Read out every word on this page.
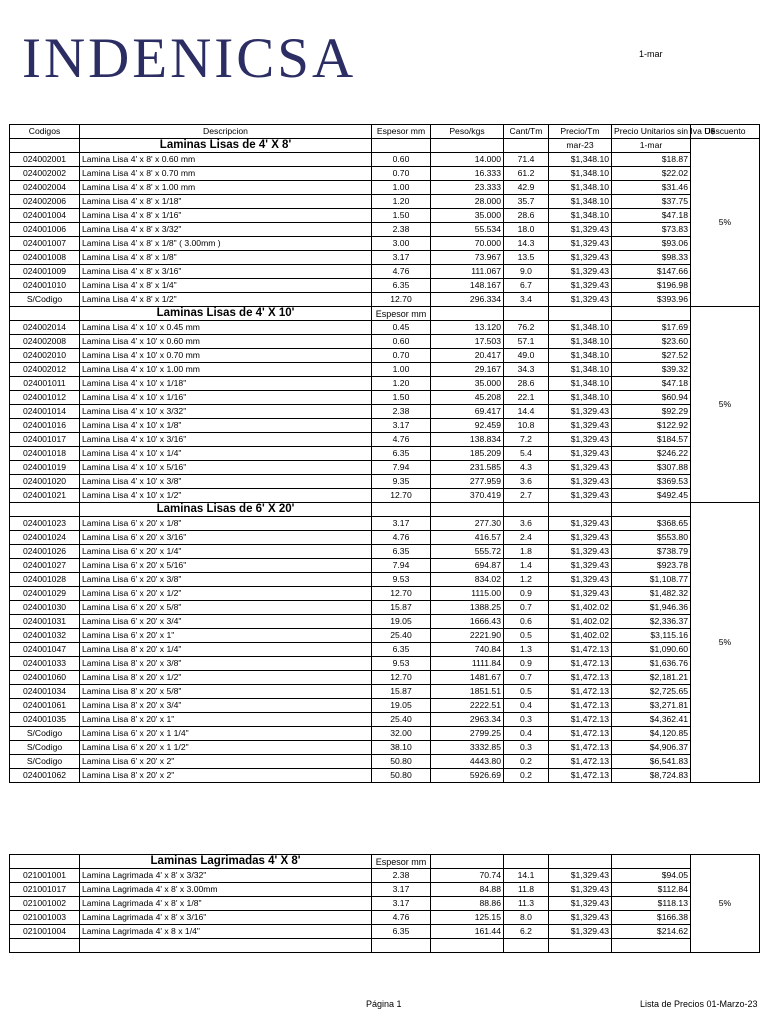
INDENICSA	1-mar
Codigos	Descripcion	Espesor mm	Peso/kgs	Cant/Tm	Precio/Tm	Precio Unitarios sin Iva U$	Descuento
	Laminas Lisas de 4' X 8'				mar-23	1-mar	5%
024002001	Lamina Lisa 4' x 8' x 0.60 mm	0.60	14.000	71.4	$1,348.10	$18.87	
024002002	Lamina Lisa 4' x 8' x 0.70 mm	0.70	16.333	61.2	$1,348.10	$22.02	
024002004	Lamina Lisa 4' x 8' x 1.00 mm	1.00	23.333	42.9	$1,348.10	$31.46	
024002006	Lamina Lisa 4' x 8' x 1/18"	1.20	28.000	35.7	$1,348.10	$37.75	
024001004	Lamina Lisa 4' x 8' x 1/16"	1.50	35.000	28.6	$1,348.10	$47.18	
024001006	Lamina Lisa 4' x 8' x 3/32"	2.38	55.534	18.0	$1,329.43	$73.83	
024001007	Lamina Lisa 4' x 8' x 1/8" ( 3.00mm )	3.00	70.000	14.3	$1,329.43	$93.06	
024001008	Lamina Lisa 4' x 8' x 1/8"	3.17	73.967	13.5	$1,329.43	$98.33	
024001009	Lamina Lisa 4' x 8' x 3/16"	4.76	111.067	9.0	$1,329.43	$147.66	
024001010	Lamina Lisa 4' x 8' x 1/4"	6.35	148.167	6.7	$1,329.43	$196.98	
S/Codigo	Lamina Lisa 4' x 8' x 1/2"	12.70	296.334	3.4	$1,329.43	$393.96	
	Laminas Lisas de 4' X 10'	Espesor mm					5%
024002014	Lamina Lisa 4' x 10' x 0.45 mm	0.45	13.120	76.2	$1,348.10	$17.69	
024002008	Lamina Lisa 4' x 10' x 0.60 mm	0.60	17.503	57.1	$1,348.10	$23.60	
024002010	Lamina Lisa 4' x 10' x 0.70 mm	0.70	20.417	49.0	$1,348.10	$27.52	
024002012	Lamina Lisa 4' x 10' x 1.00 mm	1.00	29.167	34.3	$1,348.10	$39.32	
024001011	Lamina Lisa 4' x 10' x 1/18"	1.20	35.000	28.6	$1,348.10	$47.18	
024001012	Lamina Lisa 4' x 10' x 1/16"	1.50	45.208	22.1	$1,348.10	$60.94	
024001014	Lamina Lisa 4' x 10' x 3/32"	2.38	69.417	14.4	$1,329.43	$92.29	
024001016	Lamina Lisa 4' x 10' x 1/8"	3.17	92.459	10.8	$1,329.43	$122.92	
024001017	Lamina Lisa 4' x 10' x 3/16"	4.76	138.834	7.2	$1,329.43	$184.57	
024001018	Lamina Lisa 4' x 10' x 1/4"	6.35	185.209	5.4	$1,329.43	$246.22	
024001019	Lamina Lisa 4' x 10' x 5/16"	7.94	231.585	4.3	$1,329.43	$307.88	
024001020	Lamina Lisa 4' x 10' x 3/8"	9.35	277.959	3.6	$1,329.43	$369.53	
024001021	Lamina Lisa 4' x 10' x 1/2"	12.70	370.419	2.7	$1,329.43	$492.45	
	Laminas Lisas de 6' X 20'						5%
024001023	Lamina Lisa 6' x 20' x 1/8"	3.17	277.30	3.6	$1,329.43	$368.65	
024001024	Lamina Lisa 6' x 20' x 3/16"	4.76	416.57	2.4	$1,329.43	$553.80	
024001026	Lamina Lisa 6' x 20' x 1/4"	6.35	555.72	1.8	$1,329.43	$738.79	
024001027	Lamina Lisa 6' x 20' x 5/16"	7.94	694.87	1.4	$1,329.43	$923.78	
024001028	Lamina Lisa 6' x 20' x 3/8"	9.53	834.02	1.2	$1,329.43	$1,108.77	
024001029	Lamina Lisa 6' x 20' x 1/2"	12.70	1115.00	0.9	$1,329.43	$1,482.32	
024001030	Lamina Lisa 6' x 20' x 5/8"	15.87	1388.25	0.7	$1,402.02	$1,946.36	
024001031	Lamina Lisa 6' x 20' x 3/4"	19.05	1666.43	0.6	$1,402.02	$2,336.37	
024001032	Lamina Lisa 6' x 20' x 1"	25.40	2221.90	0.5	$1,402.02	$3,115.16	
024001047	Lamina Lisa 8' x 20' x 1/4"	6.35	740.84	1.3	$1,472.13	$1,090.60	
024001033	Lamina Lisa 8' x 20' x 3/8"	9.53	1111.84	0.9	$1,472.13	$1,636.76	
024001060	Lamina Lisa 8' x 20' x 1/2"	12.70	1481.67	0.7	$1,472.13	$2,181.21	
024001034	Lamina Lisa 8' x 20' x 5/8"	15.87	1851.51	0.5	$1,472.13	$2,725.65	
024001061	Lamina Lisa 8' x 20' x 3/4"	19.05	2222.51	0.4	$1,472.13	$3,271.81	
024001035	Lamina Lisa 8' x 20' x 1"	25.40	2963.34	0.3	$1,472.13	$4,362.41	
S/Codigo	Lamina Lisa 6' x 20' x 1 1/4"	32.00	2799.25	0.4	$1,472.13	$4,120.85	
S/Codigo	Lamina Lisa 6' x 20' x 1 1/2"	38.10	3332.85	0.3	$1,472.13	$4,906.37	
S/Codigo	Lamina Lisa 6' x 20' x 2"	50.80	4443.80	0.2	$1,472.13	$6,541.83	
024001062	Lamina Lisa 8' x 20' x 2"	50.80	5926.69	0.2	$1,472.13	$8,724.83	
	Laminas Lagrimadas 4' X 8'	Espesor mm					5%
021001001	Lamina Lagrimada 4' x 8' x 3/32"	2.38	70.74	14.1	$1,329.43	$94.05	
021001017	Lamina Lagrimada 4' x 8' x 3.00mm	3.17	84.88	11.8	$1,329.43	$112.84	
021001002	Lamina Lagrimada 4' x 8' x 1/8"	3.17	88.86	11.3	$1,329.43	$118.13	
021001003	Lamina Lagrimada 4' x 8' x 3/16"	4.76	125.15	8.0	$1,329.43	$166.38	
021001004	Lamina Lagrimada 4' x 8 x 1/4"	6.35	161.44	6.2	$1,329.43	$214.62	

Página 1	Lista de Precios 01-Marzo-23
